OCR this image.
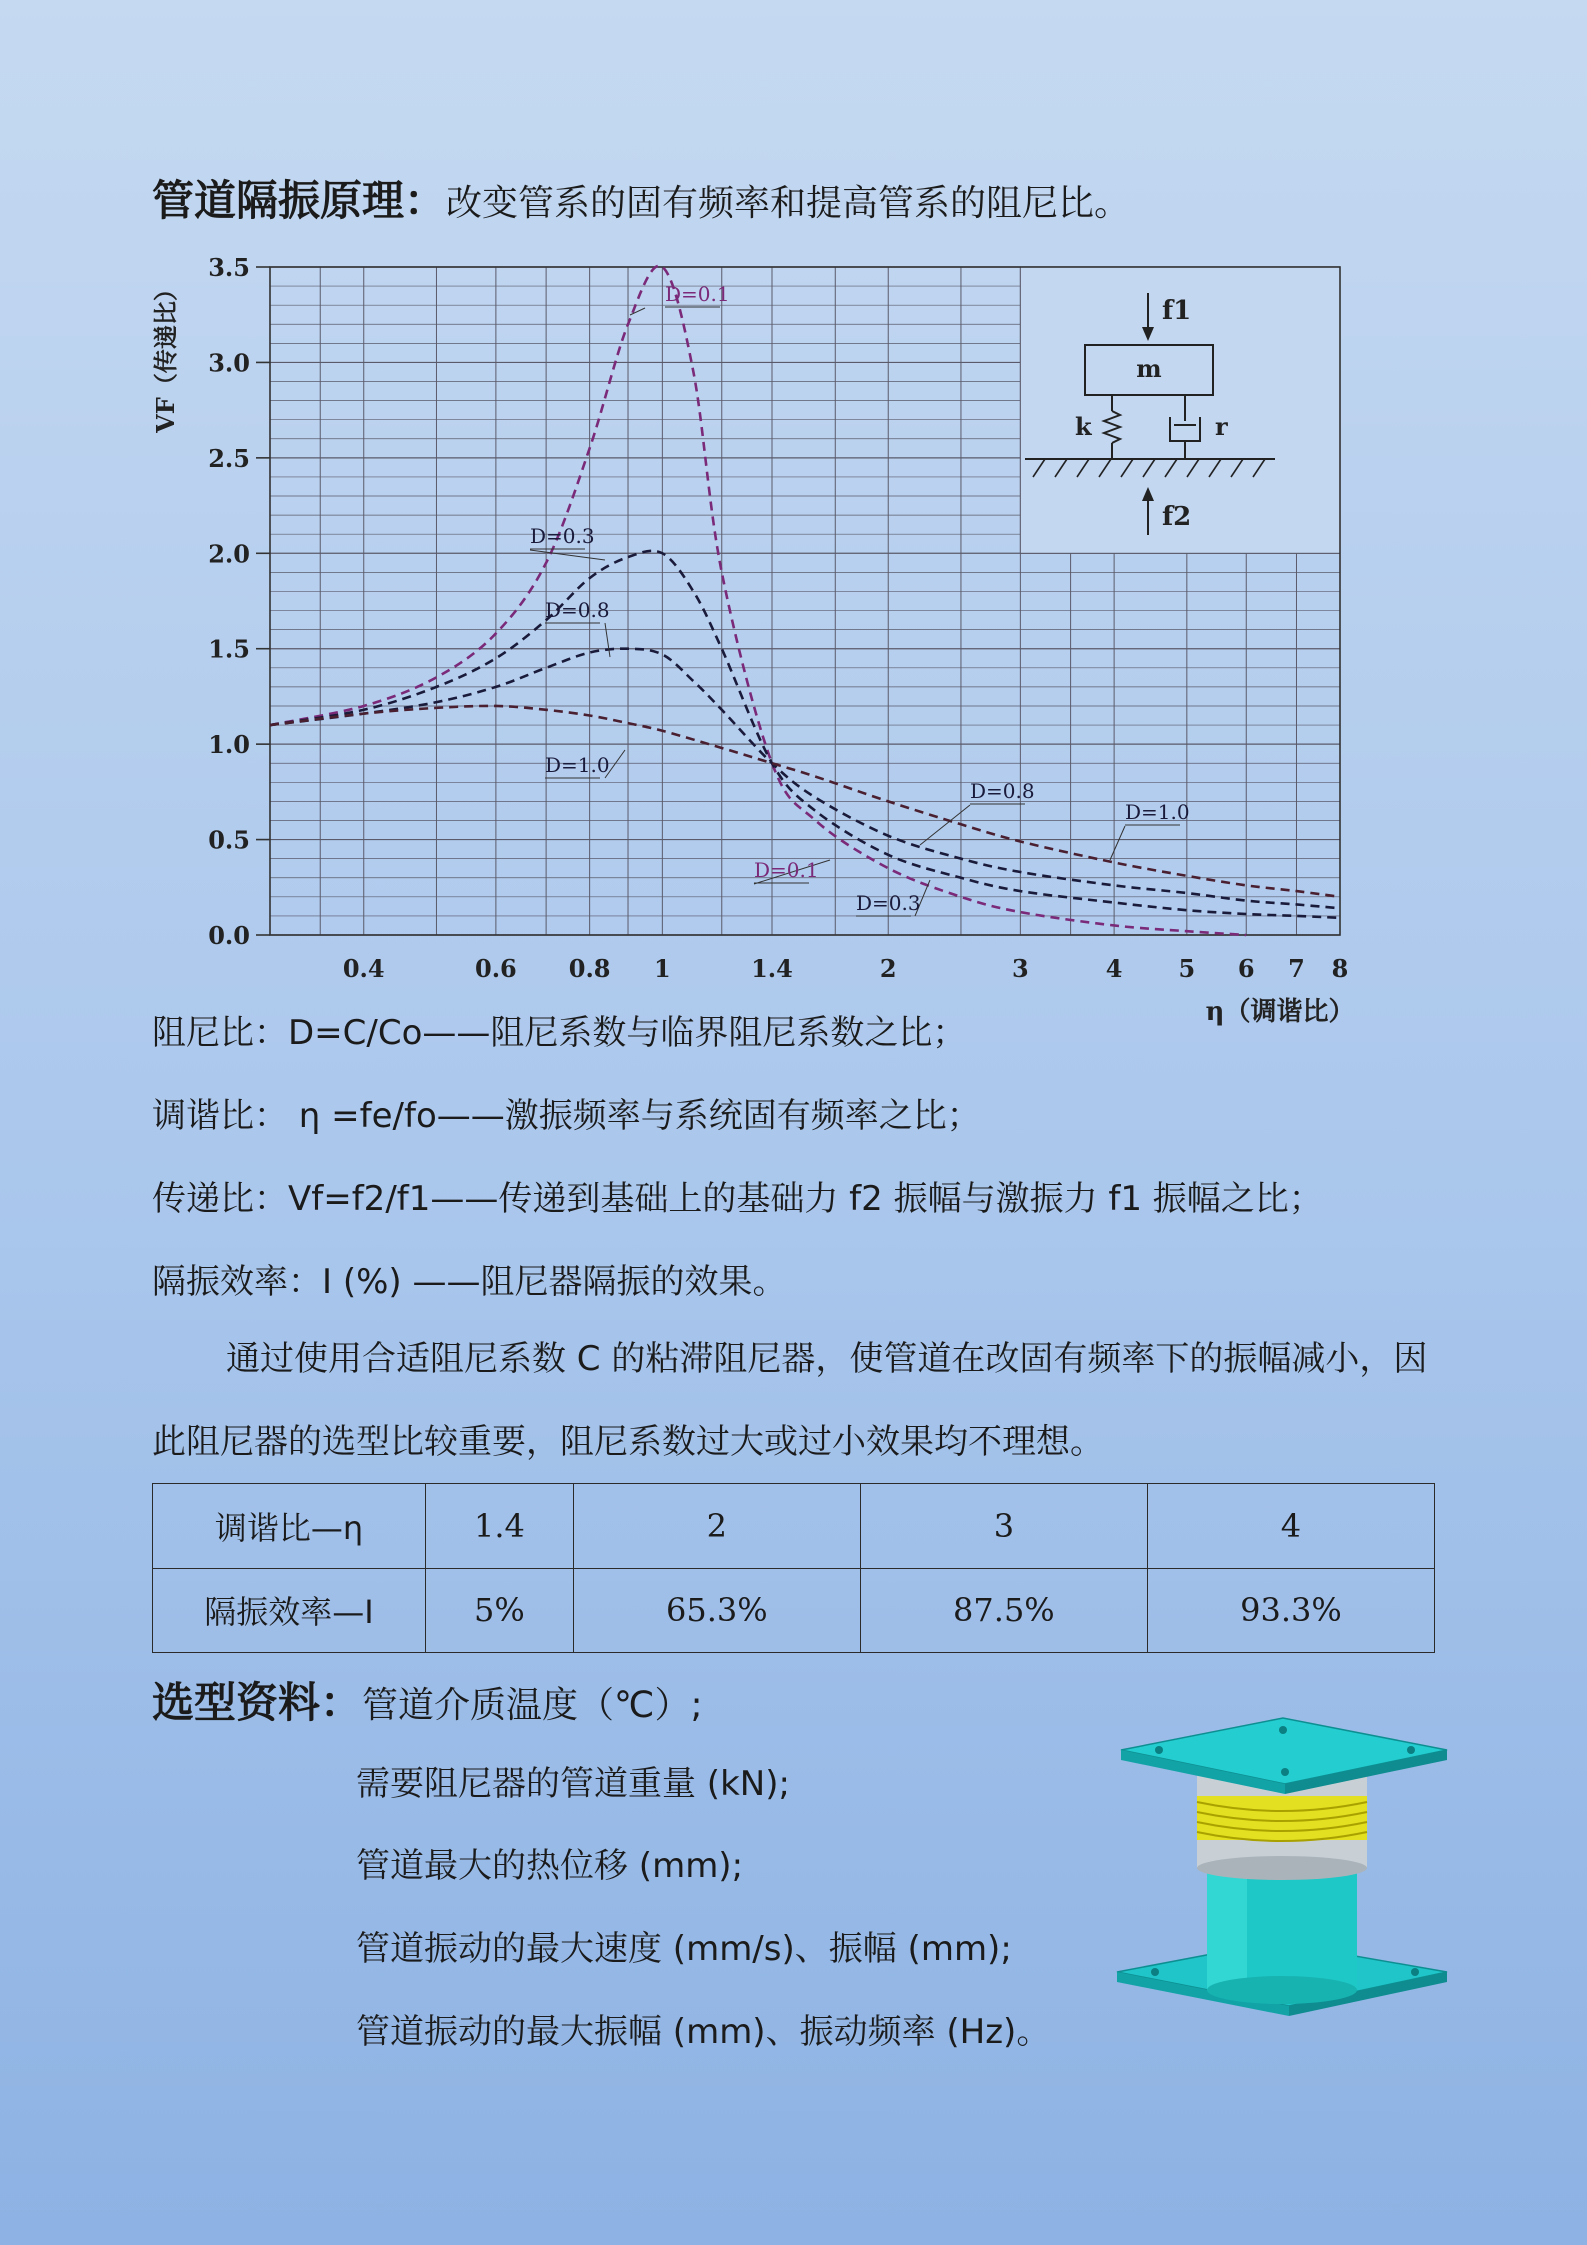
管道隔振原理：改变管系的固有频率和提高管系的阻尼比。
0.0
0.5
1.0
1.5
2.0
2.5
3.0
3.5
0.4	0.6 0.8 1	1.4	2	3	4 5 6 7 8
VF（传递比）
η（调谐比）
D=0.1
D=0.3
D=0.8
D=1.0
D=0.8
D=1.0
D=0.1
D=0.3
f1
m
k	r
f2
阻尼比：D=C/Co——阻尼系数与临界阻尼系数之比；
调谐比： η =fe/fo——激振频率与系统固有频率之比；
传递比：Vf=f2/f1——传递到基础上的基础力 f2 振幅与激振力 f1 振幅之比；
隔振效率：I (%) ——阻尼器隔振的效果。
通过使用合适阻尼系数 C 的粘滞阻尼器，使管道在改固有频率下的振幅减小，因此阻尼器的选型比较重要，阻尼系数过大或过小效果均不理想。
调谐比—η	1.4	2	3	4
隔振效率—I	5%	65.3%	87.5%	93.3%
选型资料：管道介质温度（℃）;
需要阻尼器的管道重量 (kN);
管道最大的热位移 (mm);
管道振动的最大速度 (mm/s)、振幅 (mm);
管道振动的最大振幅 (mm)、振动频率 (Hz)。
